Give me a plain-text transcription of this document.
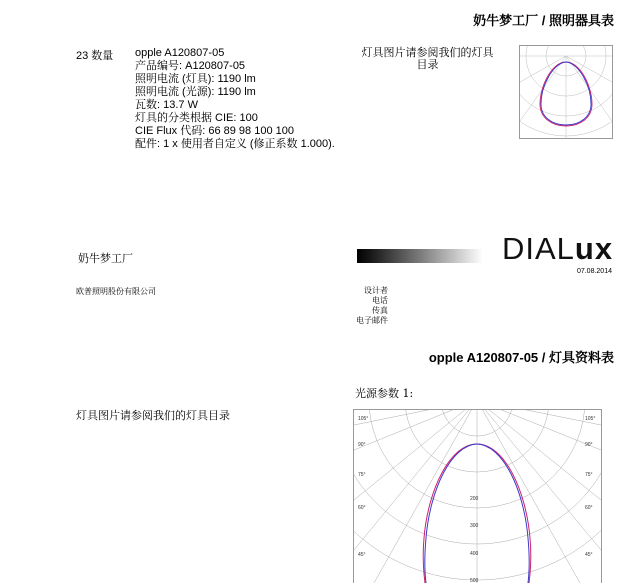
奶牛梦工厂 / 照明器具表
23 数量 opple A120807-05
产品编号: A120807-05
照明电流 (灯具): 1190 lm
照明电流 (光源): 1190 lm
瓦数: 13.7 W
灯具的分类根据 CIE: 100
CIE Flux 代码: 66 89 98 100 100
配件: 1 x 使用者自定义 (修正系数 1.000).
灯具图片请参阅我们的灯具目录
奶牛梦工厂
欧普照明股份有限公司	设计者
电话
传真
电子邮件
DIALux
07.08.2014
opple A120807-05 / 灯具资料表
光源参数 1:
灯具图片请参阅我们的灯具目录	105°
90°
75°
60°
45°
105°
90°
75°
60°
45°
200
300
400
500
